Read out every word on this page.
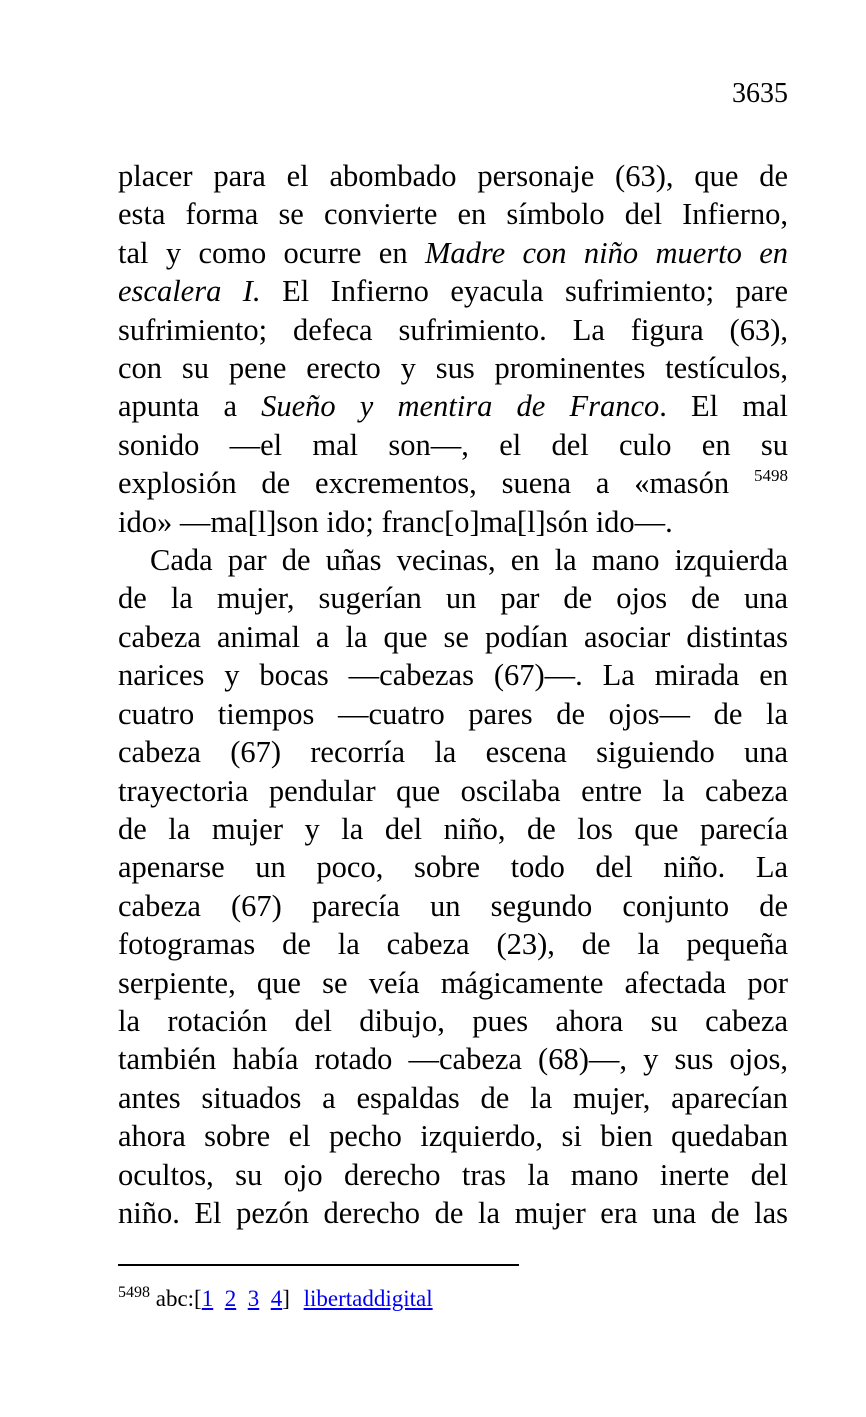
3635
placer para el abombado personaje (63), que de
esta forma se convierte en símbolo del Infierno,
tal y como ocurre en Madre con niño muerto en
escalera I. El Infierno eyacula sufrimiento; pare
sufrimiento; defeca sufrimiento. La figura (63),
con su pene erecto y sus prominentes testículos,
apunta a Sueño y mentira de Franco. El mal
sonido —el mal son—, el del culo en su
explosión de excrementos, suena a «masón $^{5498}$
ido» —ma[l]son ido; franc[o]ma[l]són ido—.
Cada par de uñas vecinas, en la mano izquierda
de la mujer, sugerían un par de ojos de una
cabeza animal a la que se podían asociar distintas
narices y bocas —cabezas (67)—. La mirada en
cuatro tiempos —cuatro pares de ojos— de la
cabeza (67) recorría la escena siguiendo una
trayectoria pendular que oscilaba entre la cabeza
de la mujer y la del niño, de los que parecía
apenarse un poco, sobre todo del niño. La
cabeza (67) parecía un segundo conjunto de
fotogramas de la cabeza (23), de la pequeña
serpiente, que se veía mágicamente afectada por
la rotación del dibujo, pues ahora su cabeza
también había rotado —cabeza (68)—, y sus ojos,
antes situados a espaldas de la mujer, aparecían
ahora sobre el pecho izquierdo, si bien quedaban
ocultos, su ojo derecho tras la mano inerte del
niño. El pezón derecho de la mujer era una de las
$^{5498}$ abc:[1 2 3 4] libertaddigital
